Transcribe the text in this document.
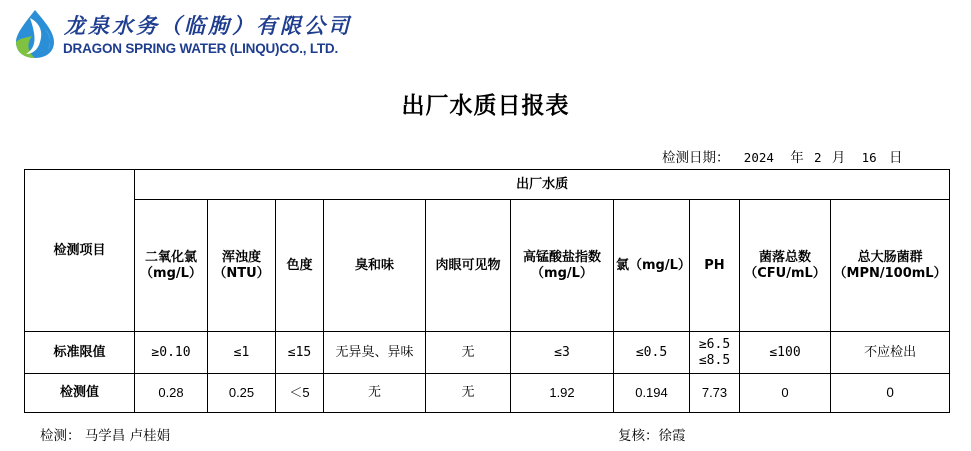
龙泉水务（临朐）有限公司
DRAGON SPRING WATER (LINQU)CO., LTD.
出厂水质日报表
检测日期： 2024 年 2 月 16 日
检测项目	出厂水质									
	二氧化氯（mg/L）	浑浊度（NTU）	色度	臭和味	肉眼可见物	高锰酸盐指数（mg/L）	氯（mg/L）	PH	菌落总数（CFU/mL）	总大肠菌群（MPN/100mL）
标准限值	≥0.10	≤1	≤15	无异臭、异味	无	≤3	≤0.5	≥6.5 ≤8.5	≤100	不应检出
检测值	0.28	0.25	＜5	无	无	1.92	0.194	7.73	0	0
检测： 马学昌 卢桂娟	复核：徐霞
